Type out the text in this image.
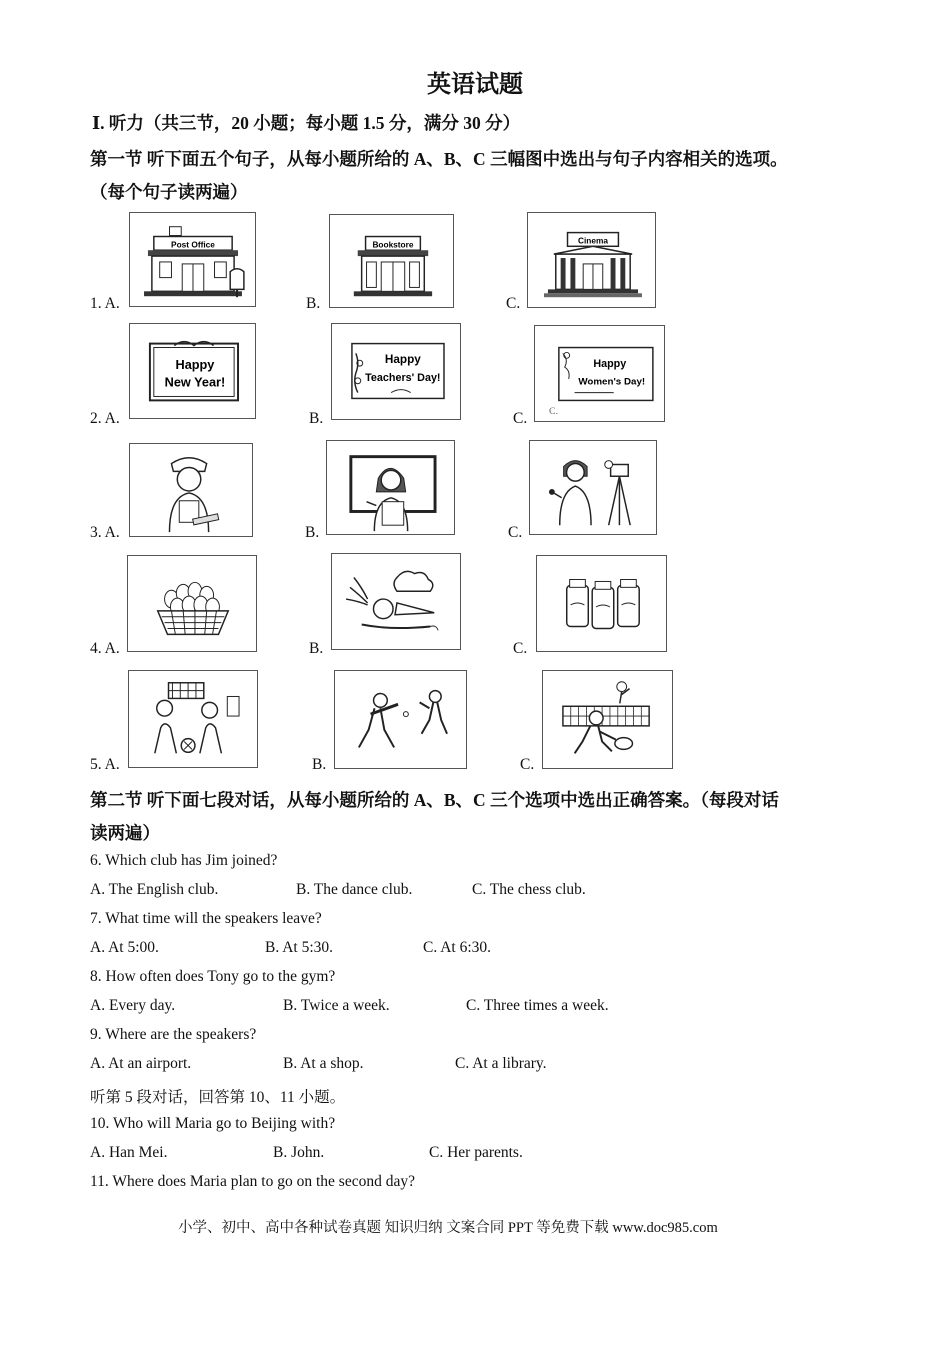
英语试题
Ⅰ. 听力（共三节，20 小题；每小题 1.5 分，满分 30 分）
第一节 听下面五个句子，从每小题所给的 A、B、C 三幅图中选出与句子内容相关的选项。
（每个句子读两遍）
1. A.
Post Office
B.
Bookstore
C.
Cinema
2. A.
Happy
New Year!
B.
Happy
Teachers' Day!
C.
Happy
Women's Day!
C.
3. A.	B.	C.
4. A.	B.	C.
5. A.	B.	C.
第二节 听下面七段对话，从每小题所给的 A、B、C 三个选项中选出正确答案。（每段对话
读两遍）
6. Which club has Jim joined?
A. The English club.	B. The dance club.	C. The chess club.
7. What time will the speakers leave?
A. At 5:00.	B. At 5:30.	C. At 6:30.
8. How often does Tony go to the gym?
A. Every day.	B. Twice a week.	C. Three times a week.
9. Where are the speakers?
A. At an airport.	B. At a shop.	C. At a library.
听第 5 段对话，回答第 10、11 小题。
10. Who will Maria go to Beijing with?
A. Han Mei.	B. John.	C. Her parents.
11. Where does Maria plan to go on the second day?
小学、初中、高中各种试卷真题 知识归纳 文案合同 PPT 等免费下载 www.doc985.com
